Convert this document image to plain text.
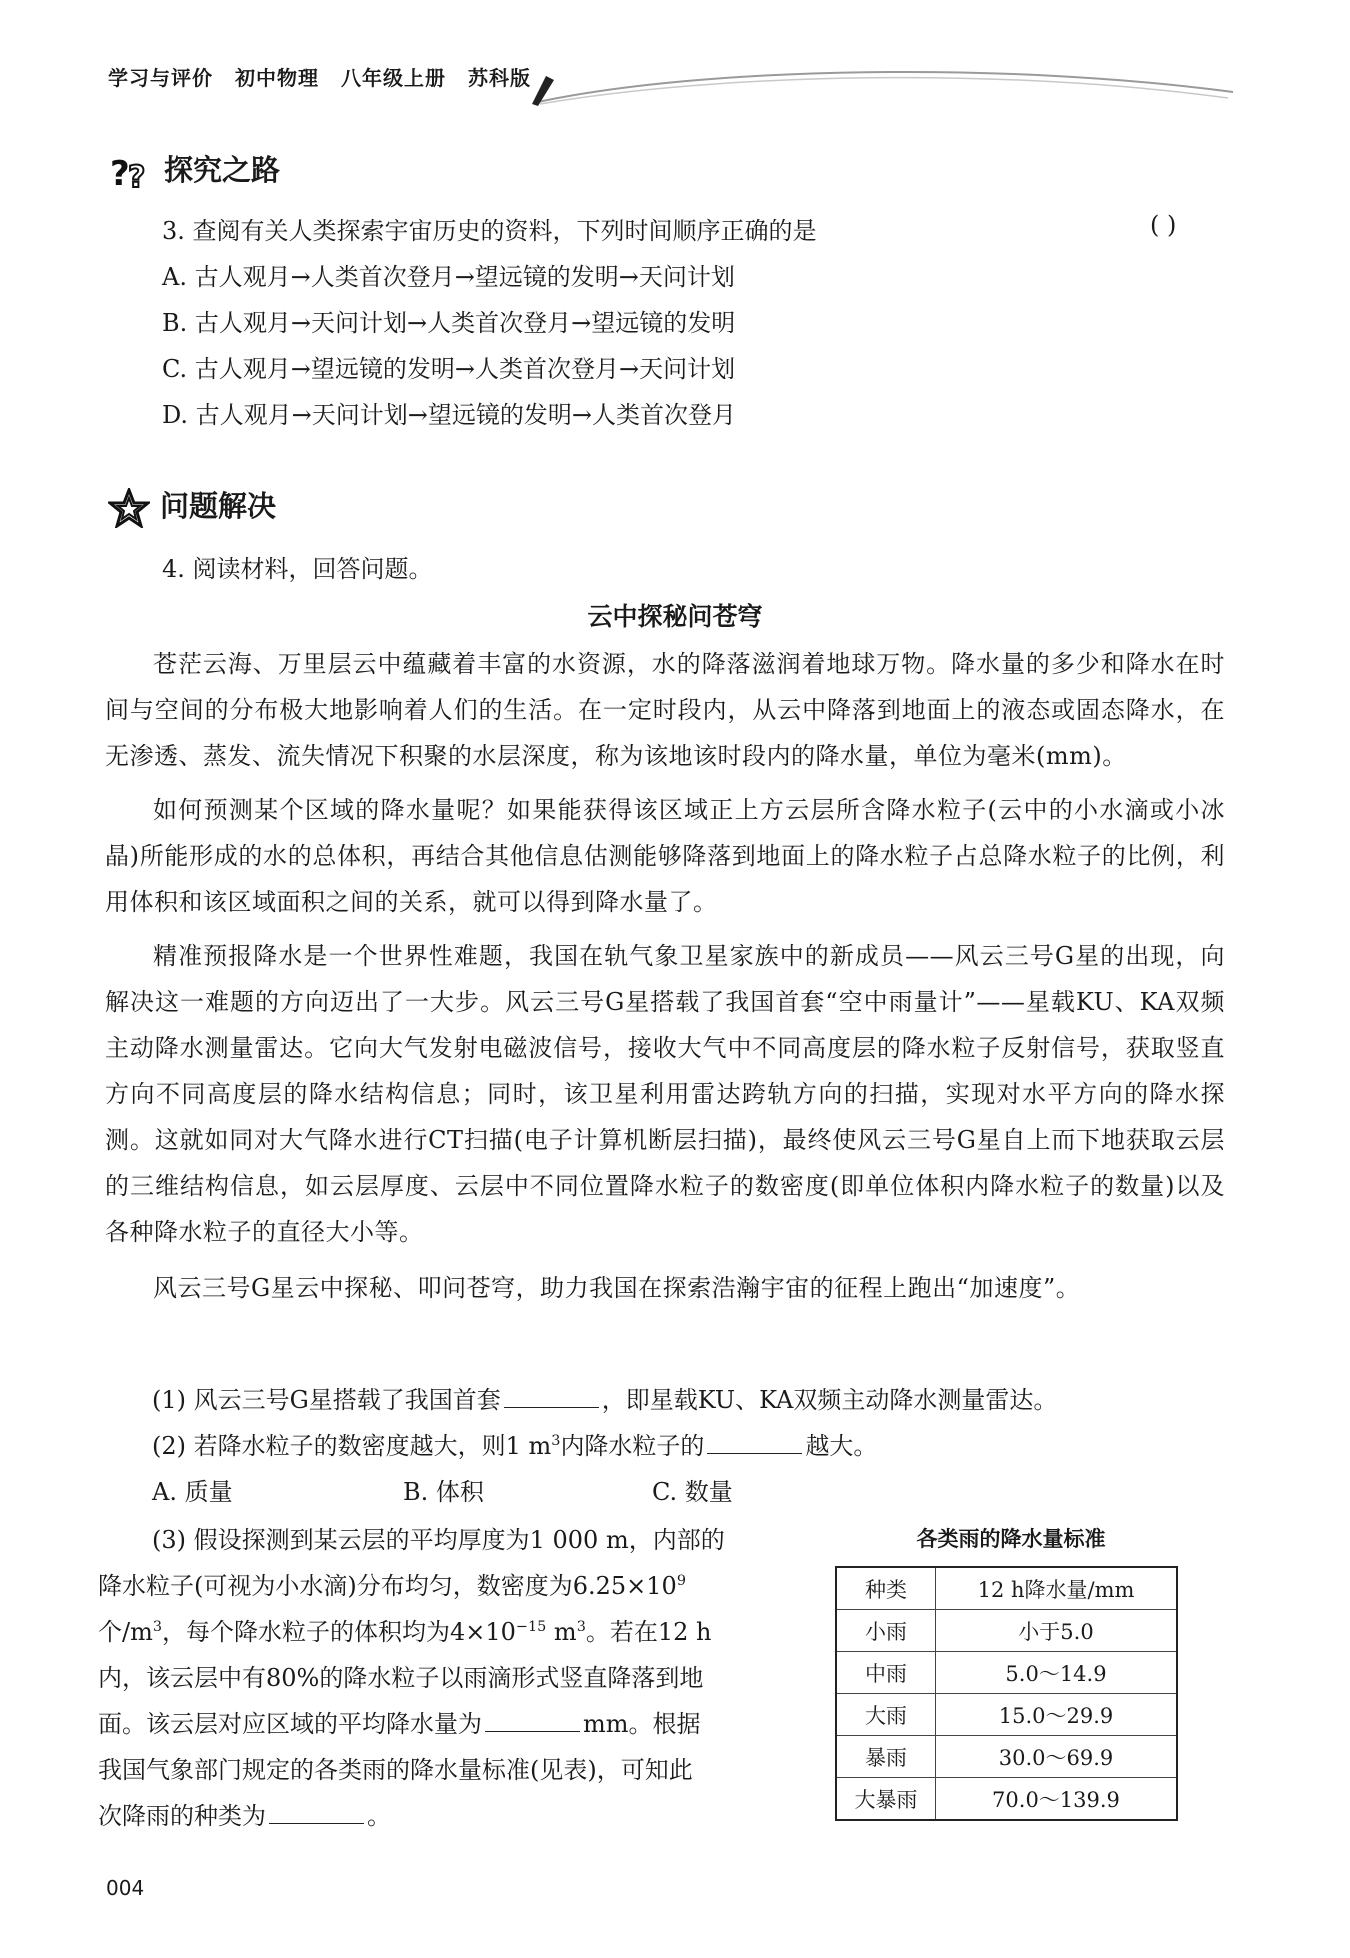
学习与评价 初中物理 八年级上册 苏科版
?
? 探究之路
3. 查阅有关人类探索宇宙历史的资料，下列时间顺序正确的是	( )
A. 古人观月→人类首次登月→望远镜的发明→天问计划
B. 古人观月→天问计划→人类首次登月→望远镜的发明
C. 古人观月→望远镜的发明→人类首次登月→天问计划
D. 古人观月→天问计划→望远镜的发明→人类首次登月
问题解决
4. 阅读材料，回答问题。
云中探秘问苍穹

苍茫云海、万里层云中蕴藏着丰富的水资源，水的降落滋润着地球万物。降水量的多少和降水在时间与空间的分布极大地影响着人们的生活。在一定时段内，从云中降落到地面上的液态或固态降水，在无渗透、蒸发、流失情况下积聚的水层深度，称为该地该时段内的降水量，单位为毫米(mm)。

如何预测某个区域的降水量呢？如果能获得该区域正上方云层所含降水粒子(云中的小水滴或小冰晶)所能形成的水的总体积，再结合其他信息估测能够降落到地面上的降水粒子占总降水粒子的比例，利用体积和该区域面积之间的关系，就可以得到降水量了。

精准预报降水是一个世界性难题，我国在轨气象卫星家族中的新成员——风云三号G星的出现，向解决这一难题的方向迈出了一大步。风云三号G星搭载了我国首套“空中雨量计”——星载KU、KA双频主动降水测量雷达。它向大气发射电磁波信号，接收大气中不同高度层的降水粒子反射信号，获取竖直方向不同高度层的降水结构信息；同时，该卫星利用雷达跨轨方向的扫描，实现对水平方向的降水探测。这就如同对大气降水进行CT扫描(电子计算机断层扫描)，最终使风云三号G星自上而下地获取云层的三维结构信息，如云层厚度、云层中不同位置降水粒子的数密度(即单位体积内降水粒子的数量)以及各种降水粒子的直径大小等。

风云三号G星云中探秘、叩问苍穹，助力我国在探索浩瀚宇宙的征程上跑出“加速度”。

(1) 风云三号G星搭载了我国首套	，即星载KU、KA双频主动降水测量雷达。
(2) 若降水粒子的数密度越大，则1 $m^3$内降水粒子的	越大。
A. 质量	B. 体积	C. 数量
(3) 假设探测到某云层的平均厚度为1 000 m，内部的
降水粒子(可视为小水滴)分布均匀，数密度为$6.25\times 10^9$
个$/m^3$，每个降水粒子的体积均为$4\times 10^{-15}$ $m^3$。若在12 h
内，该云层中有80%的降水粒子以雨滴形式竖直降落到地
面。该云层对应区域的平均降水量为	mm。根据
我国气象部门规定的各类雨的降水量标准(见表)，可知此
次降雨的种类为	。
各类雨的降水量标准
种类	12 h降水量/mm
小雨	小于5.0
中雨	5.0～14.9
大雨	15.0～29.9
暴雨	30.0～69.9
大暴雨	70.0～139.9
004
